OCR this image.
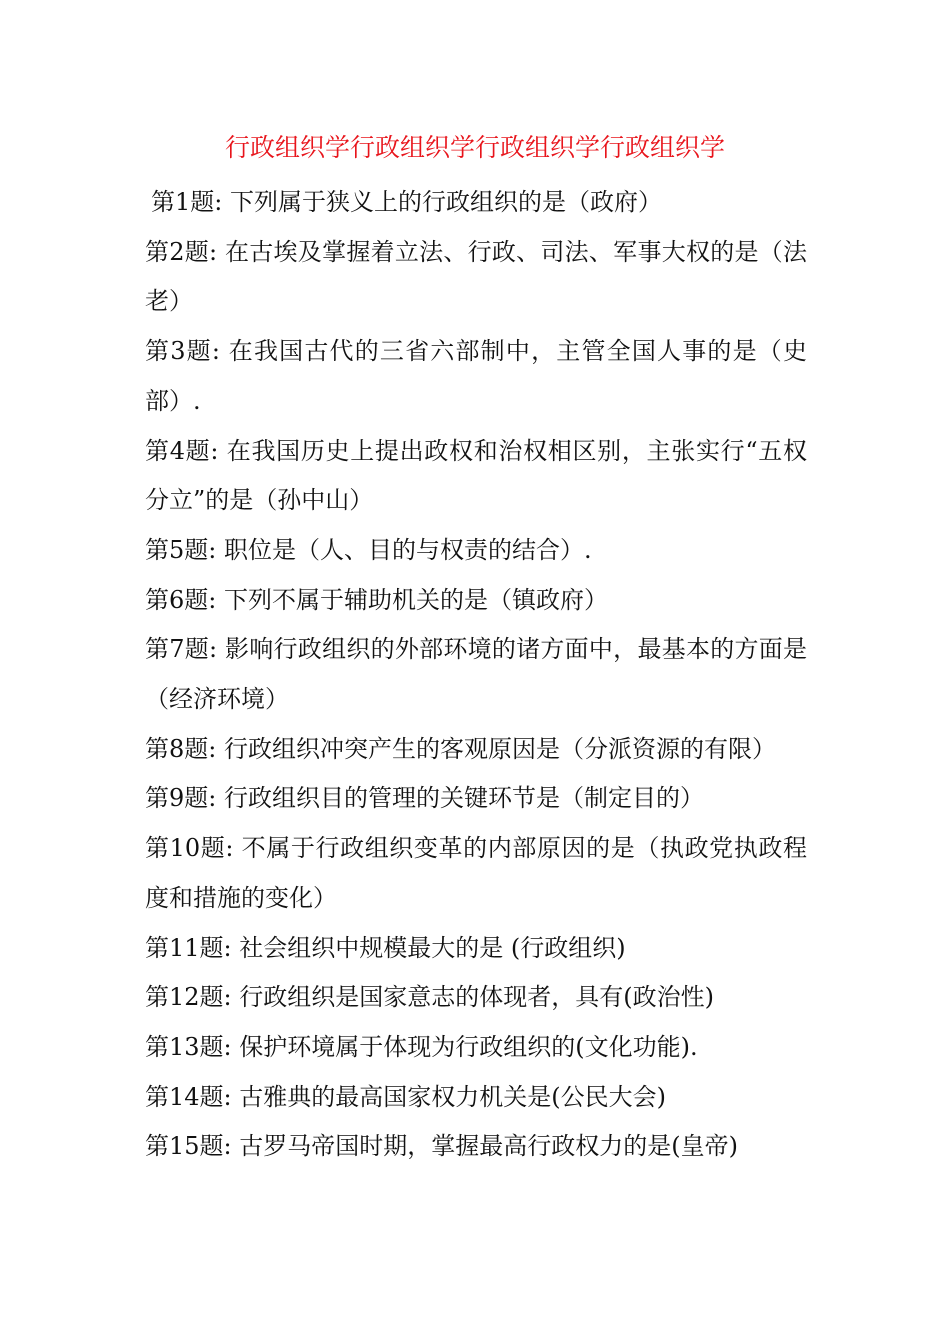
行政组织学行政组织学行政组织学行政组织学
第1题: 下列属于狭义上的行政组织的是（政府）
第2题: 在古埃及掌握着立法、行政、司法、军事大权的是（法老）
第3题: 在我国古代的三省六部制中，主管全国人事的是（史部）.
第4题: 在我国历史上提出政权和治权相区别，主张实行“五权分立”的是（孙中山）
第5题: 职位是（人、目的与权责的结合）.
第6题: 下列不属于辅助机关的是（镇政府）
第7题: 影响行政组织的外部环境的诸方面中，最基本的方面是（经济环境）
第8题: 行政组织冲突产生的客观原因是（分派资源的有限）
第9题: 行政组织目的管理的关键环节是（制定目的）
第10题: 不属于行政组织变革的内部原因的是（执政党执政程度和措施的变化）
第11题: 社会组织中规模最大的是 (行政组织)
第12题: 行政组织是国家意志的体现者，具有(政治性)
第13题: 保护环境属于体现为行政组织的(文化功能).
第14题: 古雅典的最高国家权力机关是(公民大会)
第15题: 古罗马帝国时期，掌握最高行政权力的是(皇帝)
